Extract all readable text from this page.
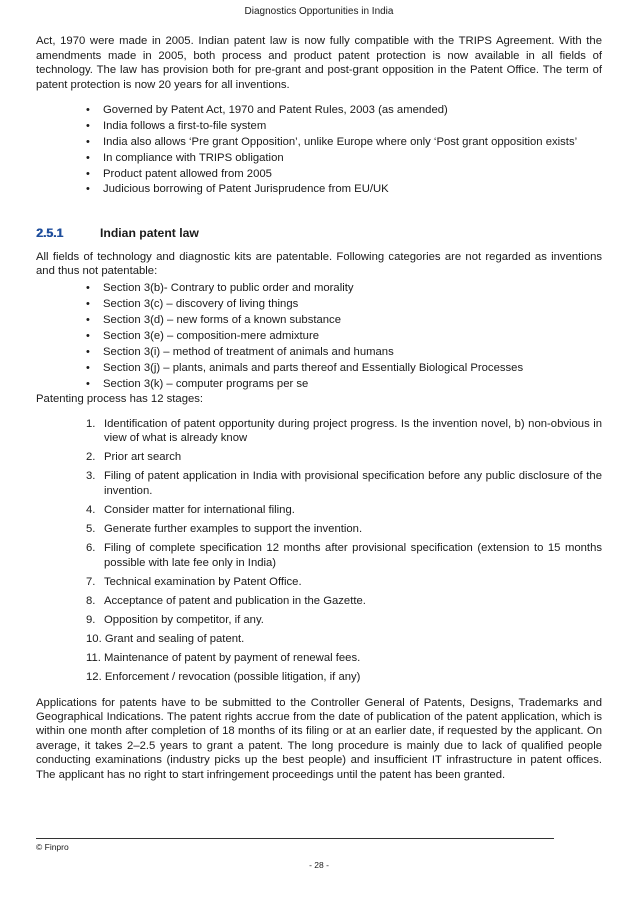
Diagnostics Opportunities in India

Act, 1970 were made in 2005. Indian patent law is now fully compatible with the TRIPS Agreement. With the amendments made in 2005, both process and product patent protection is now available in all fields of technology. The law has provision both for pre-grant and post-grant opposition in the Patent Office. The term of patent protection is now 20 years for all inventions.

• Governed by Patent Act, 1970 and Patent Rules, 2003 (as amended)
• India follows a first-to-file system
• India also allows ‘Pre grant Opposition’, unlike Europe where only ‘Post grant opposition exists’
• In compliance with TRIPS obligation
• Product patent allowed from 2005
• Judicious borrowing of Patent Jurisprudence from EU/UK
2.5.1	Indian patent law

All fields of technology and diagnostic kits are patentable. Following categories are not regarded as inventions and thus not patentable:

• Section 3(b)- Contrary to public order and morality
• Section 3(c) – discovery of living things
• Section 3(d) – new forms of a known substance
• Section 3(e) – composition-mere admixture
• Section 3(i) – method of treatment of animals and humans
• Section 3(j) – plants, animals and parts thereof and Essentially Biological Processes
• Section 3(k) – computer programs per se

Patenting process has 12 stages:

1. Identification of patent opportunity during project progress. Is the invention novel, b) non-obvious in view of what is already know
2. Prior art search
3. Filing of patent application in India with provisional specification before any public disclosure of the invention.
4. Consider matter for international filing.
5. Generate further examples to support the invention.
6. Filing of complete specification 12 months after provisional specification (extension to 15 months possible with late fee only in India)
7. Technical examination by Patent Office.
8. Acceptance of patent and publication in the Gazette.
9. Opposition by competitor, if any.
10. Grant and sealing of patent.
11. Maintenance of patent by payment of renewal fees.
12. Enforcement / revocation (possible litigation, if any)

Applications for patents have to be submitted to the Controller General of Patents, Designs, Trademarks and Geographical Indications. The patent rights accrue from the date of publication of the patent application, which is within one month after completion of 18 months of its filing or at an earlier date, if requested by the applicant. On average, it takes 2–2.5 years to grant a patent. The long procedure is mainly due to lack of qualified people conducting examinations (industry picks up the best people) and insufficient IT infrastructure in patent offices. The applicant has no right to start infringement proceedings until the patent has been granted.

© Finpro
- 28 -
